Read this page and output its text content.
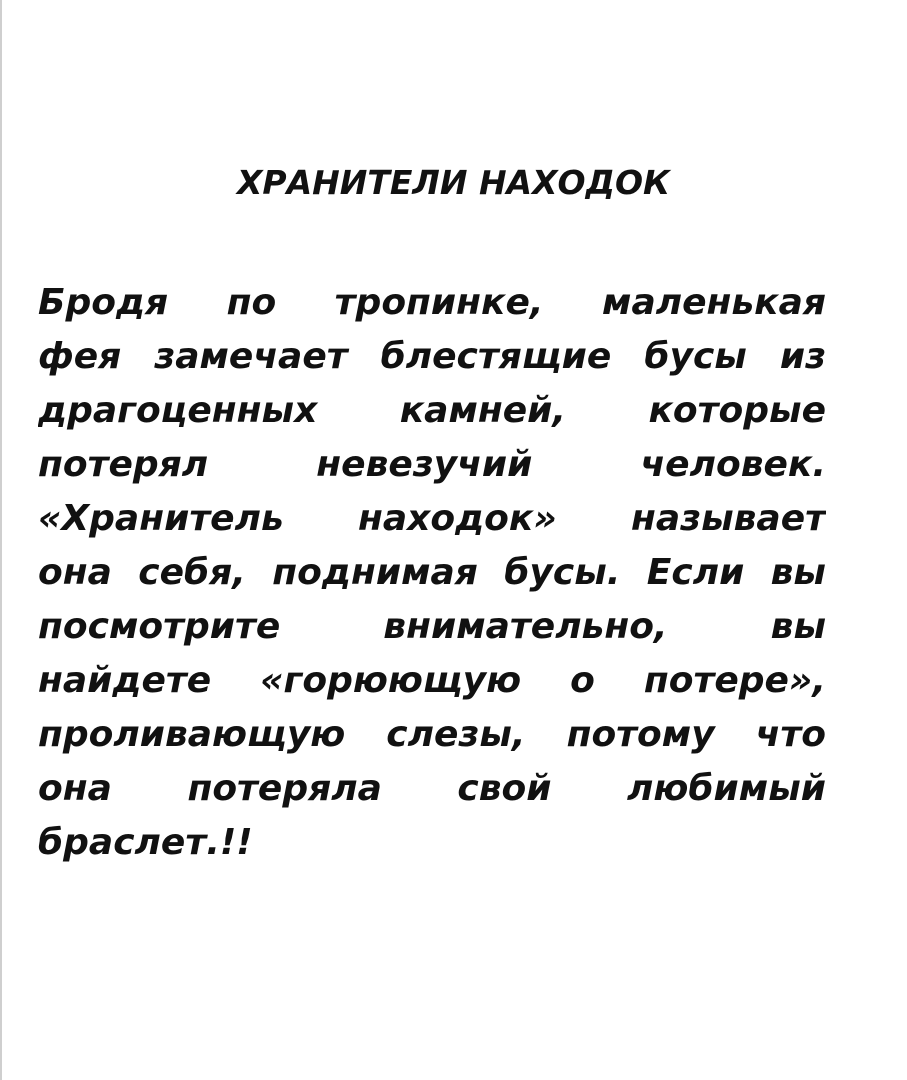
ХРАНИТЕЛИ НАХОДОК
Бродя по тропинке, маленькая
фея замечает блестящие бусы из
драгоценных камней, которые
потерял невезучий человек.
«Хранитель находок» называет
она себя, поднимая бусы. Если вы
посмотрите внимательно, вы
найдете «горюющую о потере»,
проливающую слезы, потому что
она потеряла свой любимый
браслет.!!
